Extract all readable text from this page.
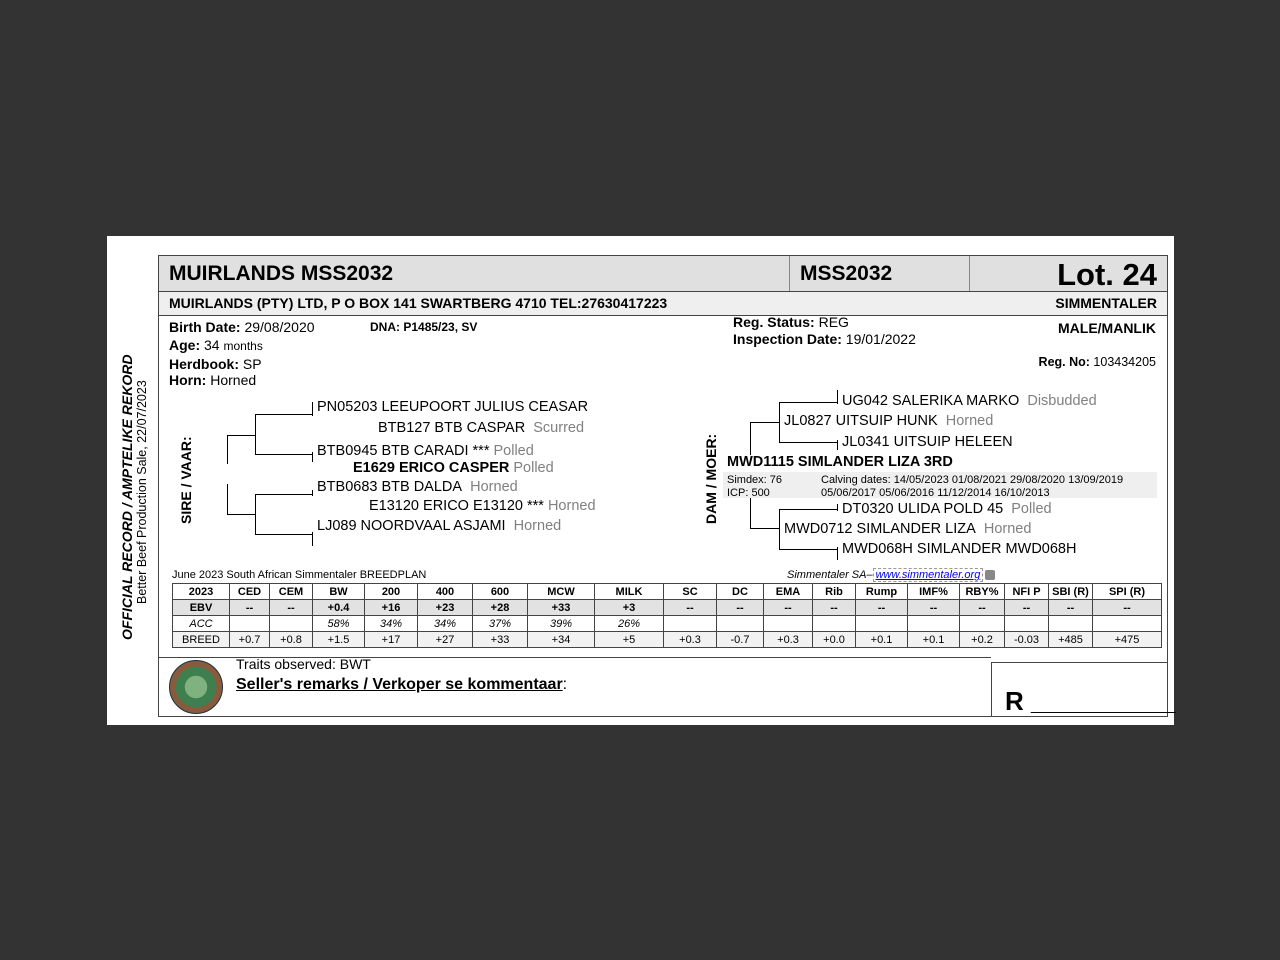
OFFICIAL RECORD / AMPTELIKE REKORD Better Beef Production Sale, 22/07/2023
MUIRLANDS MSS2032	MSS2032	Lot. 24
MUIRLANDS (PTY) LTD, P O BOX 141 SWARTBERG 4710 TEL:27630417223	SIMMENTALER
Birth Date: 29/08/2020	DNA: P1485/23, SV
Age: 34 months
Herdbook: SP
Horn: Horned
Reg. Status: REG
Inspection Date: 19/01/2022
MALE/MANLIK
Reg. No: 103434205
SIRE / VAAR:
PN05203 LEEUPOORT JULIUS CEASAR
BTB127 BTB CASPAR Scurred
BTB0945 BTB CARADI *** Polled
E1629 ERICO CASPER Polled
BTB0683 BTB DALDA Horned
E13120 ERICO E13120 *** Horned
LJ089 NOORDVAAL ASJAMI Horned
DAM / MOER:
UG042 SALERIKA MARKO Disbudded
JL0827 UITSUIP HUNK Horned
JL0341 UITSUIP HELEEN
MWD1115 SIMLANDER LIZA 3RD
Simdex: 76
ICP: 500
Calving dates: 14/05/2023 01/08/2021 29/08/2020 13/09/2019
05/06/2017 05/06/2016 11/12/2014 16/10/2013
DT0320 ULIDA POLD 45 Polled
MWD0712 SIMLANDER LIZA Horned
MWD068H SIMLANDER MWD068H
June 2023 South African Simmentaler BREEDPLAN	Simmentaler SA– www.simmentaler.org
2023	CED	CEM	BW	200	400	600	MCW	MILK	SC	DC	EMA	Rib	Rump	IMF%	RBY%	NFI P	SBI (R)	SPI (R)
EBV	--	--	+0.4	+16	+23	+28	+33	+3	--	--	--	--	--	--	--	--	--	--
ACC			58%	34%	34%	37%	39%	26%										
BREED	+0.7	+0.8	+1.5	+17	+27	+33	+34	+5	+0.3	-0.7	+0.3	+0.0	+0.1	+0.1	+0.2	-0.03	+485	+475
Traits observed: BWT
Seller's remarks / Verkoper se kommentaar:
R __________
